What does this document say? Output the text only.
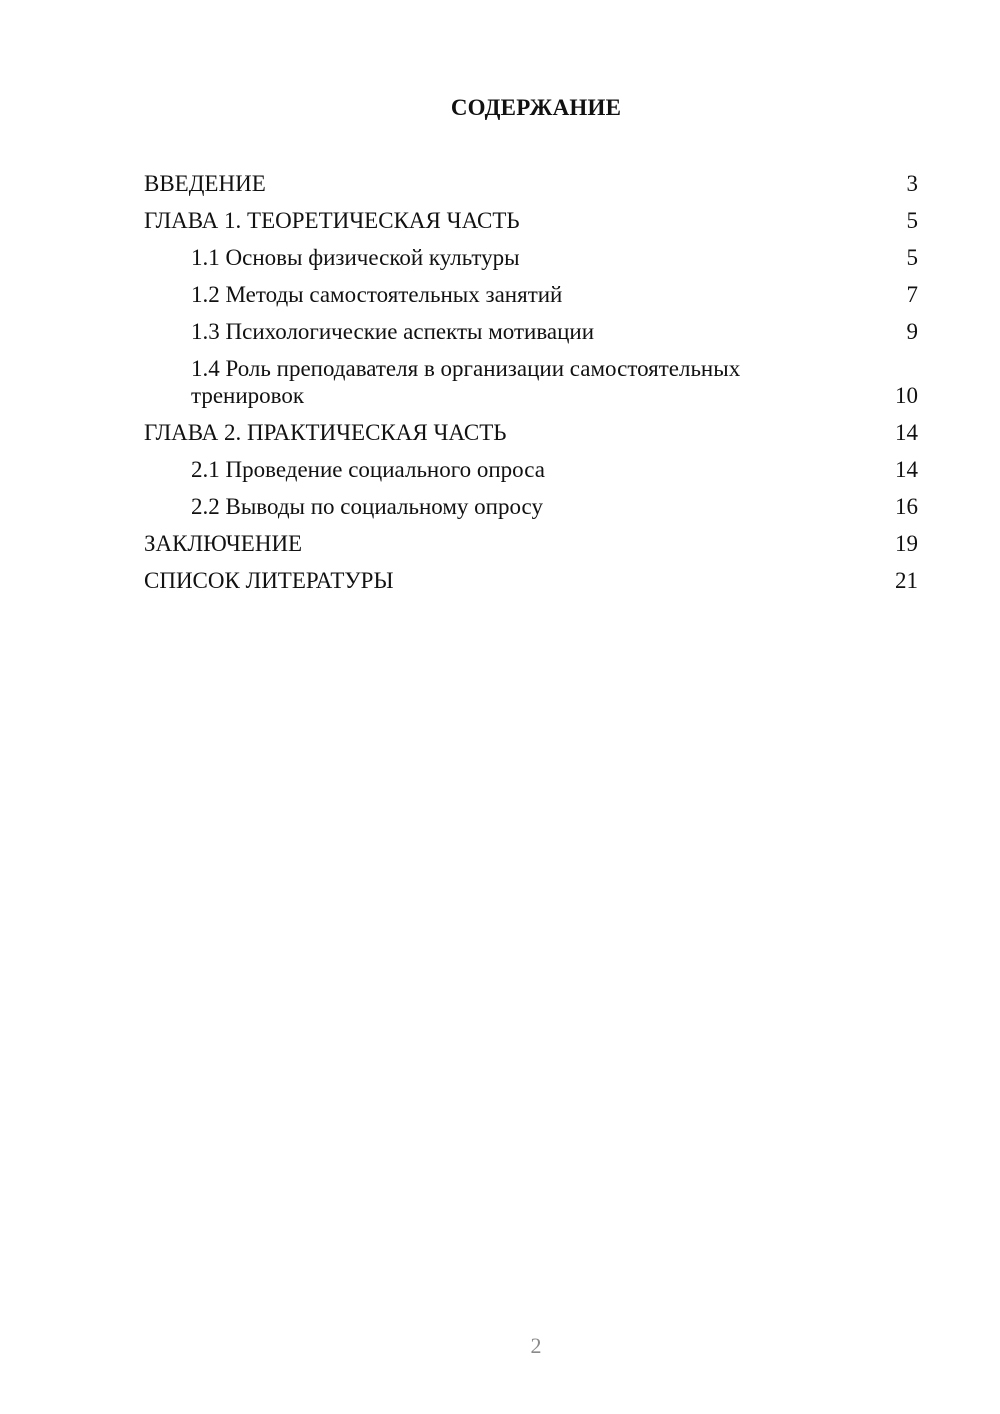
СОДЕРЖАНИЕ
ВВЕДЕНИЕ	3
ГЛАВА 1. ТЕОРЕТИЧЕСКАЯ ЧАСТЬ	5
1.1 Основы физической культуры	5
1.2 Методы самостоятельных занятий	7
1.3 Психологические аспекты мотивации	9
1.4 Роль преподавателя в организации самостоятельных тренировок	10
ГЛАВА 2. ПРАКТИЧЕСКАЯ ЧАСТЬ	14
2.1 Проведение социального опроса	14
2.2 Выводы по социальному опросу	16
ЗАКЛЮЧЕНИЕ	19
СПИСОК ЛИТЕРАТУРЫ	21
2
